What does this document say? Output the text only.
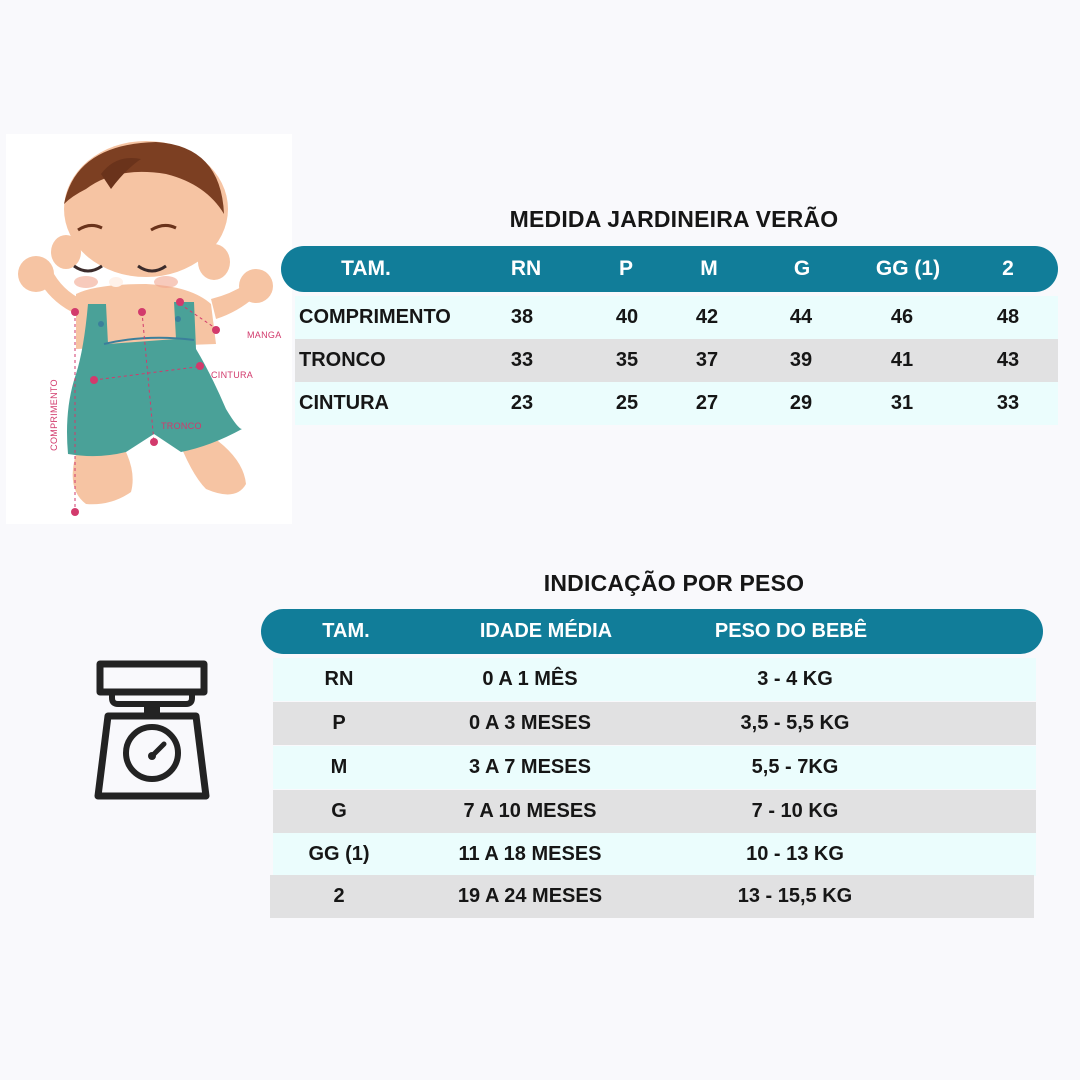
MANGA
CINTURA
TRONCO
COMPRIMENTO
MEDIDA JARDINEIRA VERÃO
TAM.	RN	P	M	G	GG (1)	2
COMPRIMENTO	38	40	42	44	46	48
TRONCO	33	35	37	39	41	43
CINTURA	23	25	27	29	31	33
INDICAÇÃO POR PESO
TAM.	IDADE MÉDIA	PESO DO BEBÊ
RN	0 A 1 MÊS	3 - 4 KG
P	0 A 3 MESES	3,5 - 5,5 KG
M	3 A 7 MESES	5,5 - 7KG
G	7 A 10 MESES	7 - 10 KG
GG (1)	11 A 18 MESES	10 - 13 KG
2	19 A 24 MESES	13 - 15,5 KG
